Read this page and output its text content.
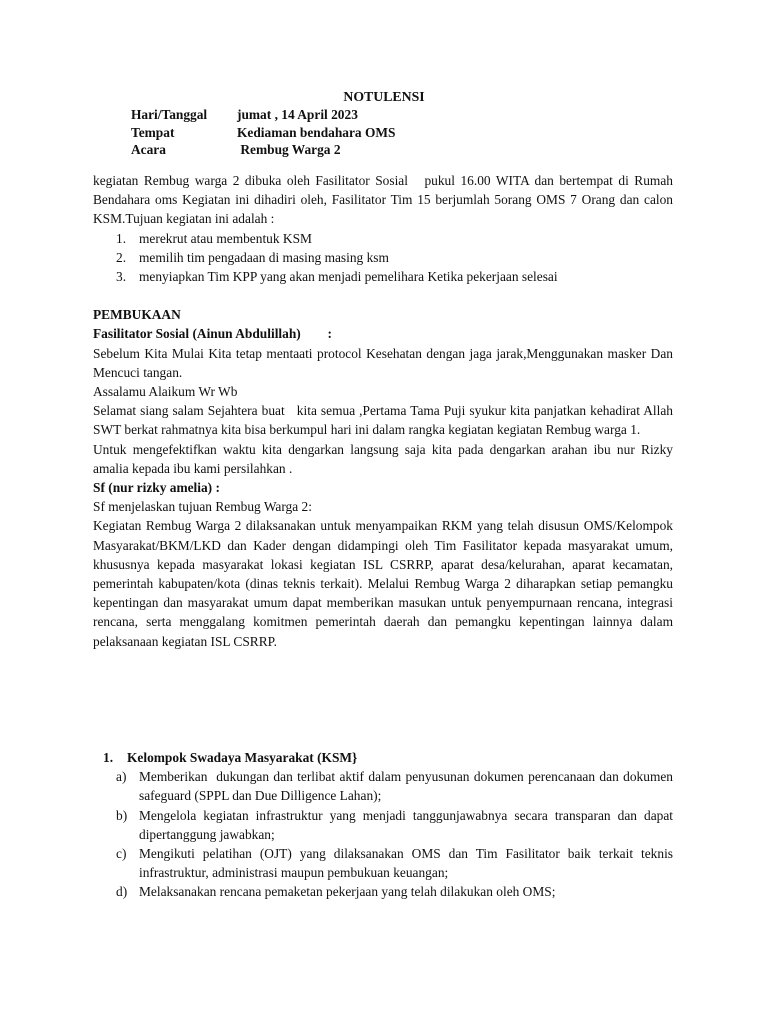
NOTULENSI
Hari/Tanggal jumat , 14 April 2023
Tempat	Kediaman bendahara OMS
Acara	Rembug Warga 2

kegiatan Rembug warga 2 dibuka oleh Fasilitator Sosial   pukul 16.00 WITA dan bertempat di Rumah Bendahara oms Kegiatan ini dihadiri oleh, Fasilitator Tim 15 berjumlah 5orang OMS 7 Orang dan calon KSM.Tujuan kegiatan ini adalah :

1. merekrut atau membentuk KSM
2. memilih tim pengadaan di masing masing ksm
3. menyiapkan Tim KPP yang akan menjadi pemelihara Ketika pekerjaan selesai
PEMBUKAAN
Fasilitator Sosial (Ainun Abdulillah)        :

Sebelum Kita Mulai Kita tetap mentaati protocol Kesehatan dengan jaga jarak,Menggunakan masker Dan Mencuci tangan.

Assalamu Alaikum Wr Wb

Selamat siang salam Sejahtera buat   kita semua ,Pertama Tama Puji syukur kita panjatkan kehadirat Allah SWT berkat rahmatnya kita bisa berkumpul hari ini dalam rangka kegiatan kegiatan Rembug warga 1.

Untuk mengefektifkan waktu kita dengarkan langsung saja kita pada dengarkan arahan ibu nur Rizky amalia kepada ibu kami persilahkan .

Sf (nur rizky amelia) :

Sf menjelaskan tujuan Rembug Warga 2:

Kegiatan Rembug Warga 2 dilaksanakan untuk menyampaikan RKM yang telah disusun OMS/Kelompok Masyarakat/BKM/LKD dan Kader dengan didampingi oleh Tim Fasilitator kepada masyarakat umum, khususnya kepada masyarakat lokasi kegiatan ISL CSRRP, aparat desa/kelurahan, aparat kecamatan, pemerintah kabupaten/kota (dinas teknis terkait). Melalui Rembug Warga 2 diharapkan setiap pemangku kepentingan dan masyarakat umum dapat memberikan masukan untuk penyempurnaan rencana, integrasi rencana, serta menggalang komitmen pemerintah daerah dan pemangku kepentingan lainnya dalam pelaksanaan kegiatan ISL CSRRP.

1. Kelompok Swadaya Masyarakat (KSM}
a) Memberikan  dukungan dan terlibat aktif dalam penyusunan dokumen perencanaan dan dokumen safeguard (SPPL dan Due Dilligence Lahan);
b) Mengelola kegiatan infrastruktur yang menjadi tanggunjawabnya secara transparan dan dapat dipertanggung jawabkan;
c) Mengikuti pelatihan (OJT) yang dilaksanakan OMS dan Tim Fasilitator baik terkait teknis infrastruktur, administrasi maupun pembukuan keuangan;
d) Melaksanakan rencana pemaketan pekerjaan yang telah dilakukan oleh OMS;
